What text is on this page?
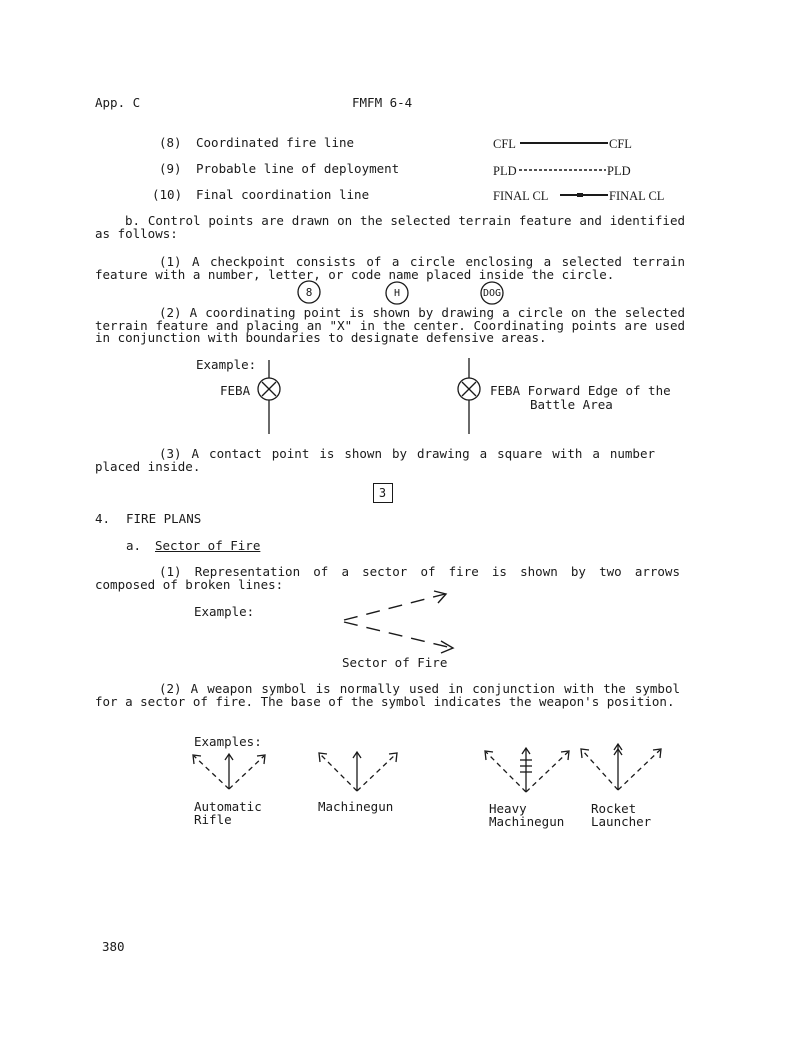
App. C	FMFM 6-4
(8) Coordinated fire line	CFL	CFL
(9) Probable line of deployment	PLD	PLD
(10) Final coordination line	FINAL CL	FINAL CL
b. Control points are drawn on the selected terrain feature and identified as follows:
(1) A checkpoint consists of a circle enclosing a selected terrain feature with a number, letter, or code name placed inside the circle.
8	H	DOG
(2) A coordinating point is shown by drawing a circle on the selected terrain feature and placing an "X" in the center. Coordinating points are used in conjunction with boundaries to designate defensive areas.
Example:
FEBA	FEBA Forward Edge of the
Battle Area
(3) A contact point is shown by drawing a square with a number placed inside.
3
4. FIRE PLANS
a. Sector of Fire
(1) Representation of a sector of fire is shown by two arrows composed of broken lines:
Example:
Sector of Fire
(2) A weapon symbol is normally used in conjunction with the symbol for a sector of fire. The base of the symbol indicates the weapon's position.
Examples:
Automatic
Rifle
Machinegun	Heavy
Machinegun
Rocket
Launcher
380
